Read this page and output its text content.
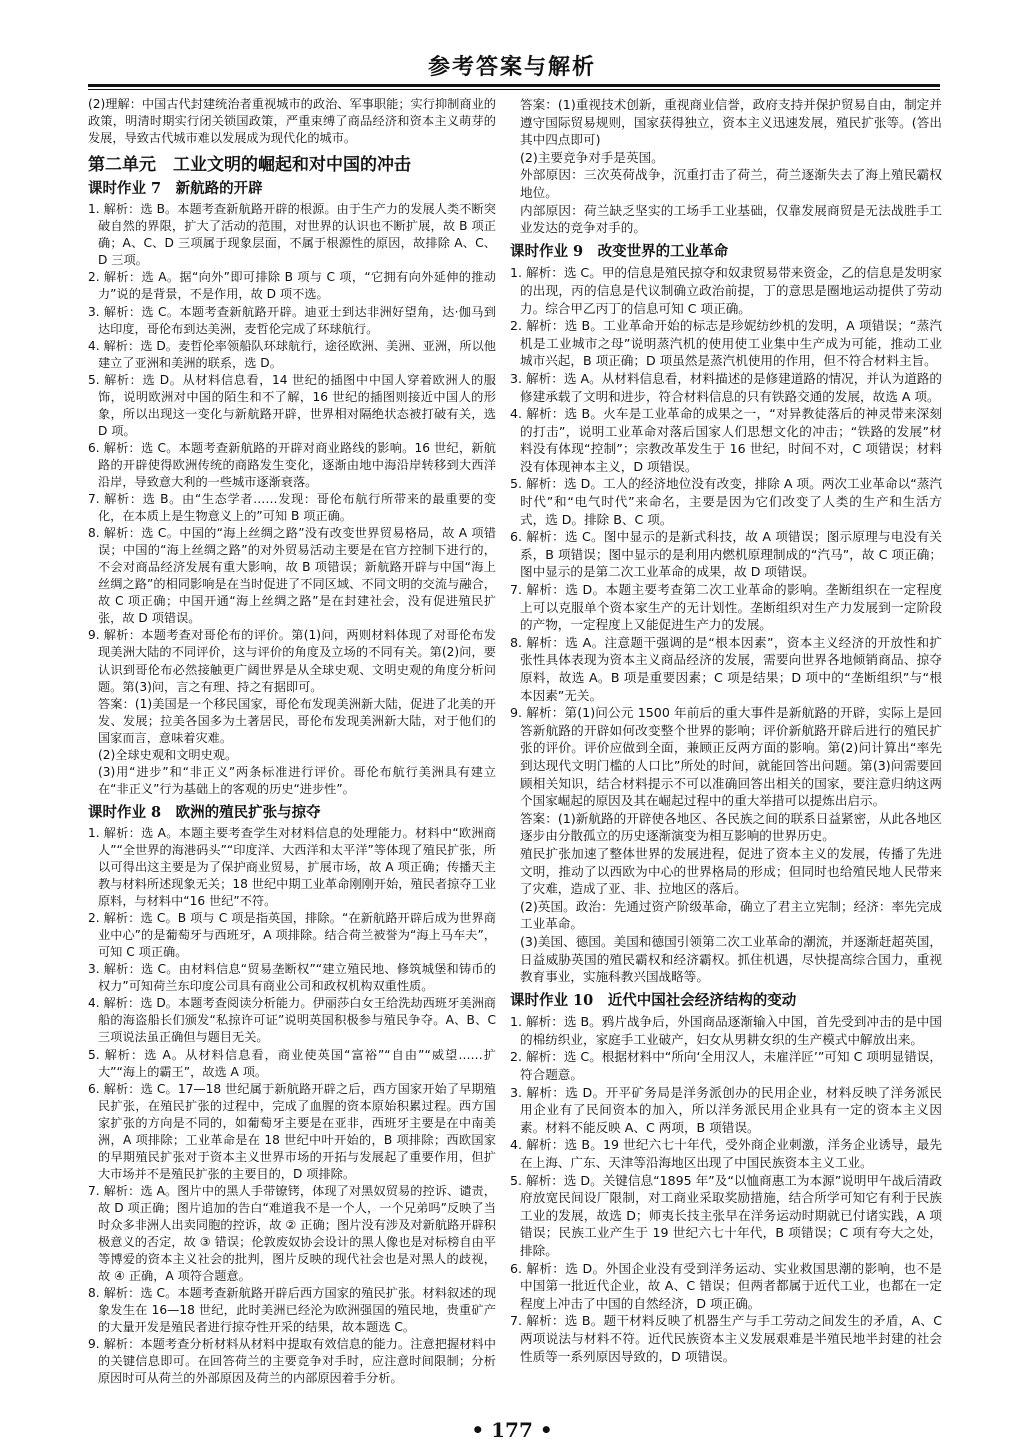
参考答案与解析

(2)理解：中国古代封建统治者重视城市的政治、军事职能；实行抑制商业的政策，明清时期实行闭关锁国政策，严重束缚了商品经济和资本主义萌芽的发展，导致古代城市难以发展成为现代化的城市。

第二单元　工业文明的崛起和对中国的冲击

课时作业 7　新航路的开辟

1. 解析：选 B。本题考查新航路开辟的根源。由于生产力的发展人类不断突破自然的界限，扩大了活动的范围，对世界的认识也不断扩展，故 B 项正确；A、C、D 三项属于现象层面，不属于根源性的原因，故排除 A、C、D 三项。

2. 解析：选 A。据“向外”即可排除 B 项与 C 项，“它拥有向外延伸的推动力”说的是背景，不是作用，故 D 项不选。

3. 解析：选 C。本题考查新航路开辟。迪亚士到达非洲好望角，达·伽马到达印度，哥伦布到达美洲，麦哲伦完成了环球航行。

4. 解析：选 D。麦哲伦率领船队环球航行，途径欧洲、美洲、亚洲，所以他建立了亚洲和美洲的联系，选 D。

5. 解析：选 D。从材料信息看，14 世纪的插图中中国人穿着欧洲人的服饰，说明欧洲对中国的陌生和不了解，16 世纪的插图则接近中国人的形象，所以出现这一变化与新航路开辟，世界相对隔绝状态被打破有关，选 D 项。

6. 解析：选 C。本题考查新航路的开辟对商业路线的影响。16 世纪，新航路的开辟使得欧洲传统的商路发生变化，逐渐由地中海沿岸转移到大西洋沿岸，导致意大利的一些城市逐渐衰落。

7. 解析：选 B。由“生态学者……发现：哥伦布航行所带来的最重要的变化，在本质上是生物意义上的”可知 B 项正确。

8. 解析：选 C。中国的“海上丝绸之路”没有改变世界贸易格局，故 A 项错误；中国的“海上丝绸之路”的对外贸易活动主要是在官方控制下进行的，不会对商品经济发展有重大影响，故 B 项错误；新航路开辟与中国“海上丝绸之路”的相同影响是在当时促进了不同区域、不同文明的交流与融合，故 C 项正确；中国开通“海上丝绸之路”是在封建社会，没有促进殖民扩张，故 D 项错误。

9. 解析：本题考查对哥伦布的评价。第(1)问，两则材料体现了对哥伦布发现美洲大陆的不同评价，这与评价的角度及立场的不同有关。第(2)问，要认识到哥伦布必然接触更广阔世界是从全球史观、文明史观的角度分析问题。第(3)问，言之有理、持之有据即可。

答案：(1)美国是一个移民国家，哥伦布发现美洲新大陆，促进了北美的开发、发展；拉美各国多为土著居民，哥伦布发现美洲新大陆，对于他们的国家而言，意味着灾难。

(2)全球史观和文明史观。

(3)用“进步”和“非正义”两条标准进行评价。哥伦布航行美洲具有建立在“非正义”行为基础上的客观的历史“进步性”。

课时作业 8　欧洲的殖民扩张与掠夺

1. 解析：选 A。本题主要考查学生对材料信息的处理能力。材料中“欧洲商人”“全世界的海港码头”“印度洋、大西洋和太平洋”等体现了殖民扩张，所以可得出这主要是为了保护商业贸易，扩展市场，故 A 项正确；传播天主教与材料所述现象无关；18 世纪中期工业革命刚刚开始，殖民者掠夺工业原料，与材料中“16 世纪”不符。

2. 解析：选 C。B 项与 C 项是指英国，排除。“在新航路开辟后成为世界商业中心”的是葡萄牙与西班牙，A 项排除。结合荷兰被誉为“海上马车夫”，可知 C 项正确。

3. 解析：选 C。由材料信息“贸易垄断权”“建立殖民地、修筑城堡和铸币的权力”可知荷兰东印度公司具有商业公司和政权机构双重性质。

4. 解析：选 D。本题考查阅读分析能力。伊丽莎白女王给洗劫西班牙美洲商船的海盗船长们颁发“私掠许可证”说明英国积极参与殖民争夺。A、B、C 三项说法虽正确但与题目无关。

5. 解析：选 A。从材料信息看，商业使英国“富裕”“自由”“威望……扩大”“海上的霸王”，故选 A 项。

6. 解析：选 C。17—18 世纪属于新航路开辟之后，西方国家开始了早期殖民扩张，在殖民扩张的过程中，完成了血腥的资本原始积累过程。西方国家扩张的方向是不同的，如葡萄牙主要是在亚非，西班牙主要是在中南美洲，A 项排除；工业革命是在 18 世纪中叶开始的，B 项排除；西欧国家的早期殖民扩张对于资本主义世界市场的开拓与发展起了重要作用，但扩大市场并不是殖民扩张的主要目的，D 项排除。

7. 解析：选 A。图片中的黑人手带镣铐，体现了对黑奴贸易的控诉、谴责，故 D 项正确；图片追加的告白“难道我不是一个人，一个兄弟吗”反映了当时众多非洲人出卖同胞的控诉，故 ② 正确；图片没有涉及对新航路开辟积极意义的否定，故 ③ 错误；伦敦废奴协会设计的黑人像也是对标榜自由平等博爱的资本主义社会的批判，图片反映的现代社会也是对黑人的歧视，故 ④ 正确，A 项符合题意。

8. 解析：选 C。本题考查新航路开辟后西方国家的殖民扩张。材料叙述的现象发生在 16—18 世纪，此时美洲已经沦为欧洲强国的殖民地，贵重矿产的大量开发是殖民者进行掠夺性开采的结果，故本题选 C。

9. 解析：本题考查分析材料从材料中提取有效信息的能力。注意把握材料中的关键信息即可。在回答荷兰的主要竞争对手时，应注意时间限制；分析原因时可从荷兰的外部原因及荷兰的内部原因着手分析。

答案：(1)重视技术创新，重视商业信誉，政府支持并保护贸易自由，制定并遵守国际贸易规则，国家获得独立，资本主义迅速发展，殖民扩张等。(答出其中四点即可)

(2)主要竞争对手是英国。

外部原因：三次英荷战争，沉重打击了荷兰，荷兰逐渐失去了海上殖民霸权地位。

内部原因：荷兰缺乏坚实的工场手工业基础，仅靠发展商贸是无法战胜手工业发达的竞争对手的。

课时作业 9　改变世界的工业革命

1. 解析：选 C。甲的信息是殖民掠夺和奴隶贸易带来资金，乙的信息是发明家的出现，丙的信息是代议制确立政治前提，丁的意思是圈地运动提供了劳动力。综合甲乙丙丁的信息可知 C 项正确。

2. 解析：选 B。工业革命开始的标志是珍妮纺纱机的发明，A 项错误；“蒸汽机是工业城市之母”说明蒸汽机的使用使工业集中生产成为可能，推动工业城市兴起，B 项正确；D 项虽然是蒸汽机使用的作用，但不符合材料主旨。

3. 解析：选 A。从材料信息看，材料描述的是修建道路的情况，并认为道路的修建承载了文明和进步，符合材料信息的只有铁路交通的发展，故选 A 项。

4. 解析：选 B。火车是工业革命的成果之一，“对异教徒落后的神灵带来深刻的打击”，说明工业革命对落后国家人们思想文化的冲击；“铁路的发展”材料没有体现“控制”；宗教改革发生于 16 世纪，时间不对，C 项错误；材料没有体现神本主义，D 项错误。

5. 解析：选 D。工人的经济地位没有改变，排除 A 项。两次工业革命以“蒸汽时代”和“电气时代”来命名，主要是因为它们改变了人类的生产和生活方式，选 D。排除 B、C 项。

6. 解析：选 C。图中显示的是新式科技，故 A 项错误；图示原理与电没有关系，B 项错误；图中显示的是利用内燃机原理制成的“汽马”，故 C 项正确；图中显示的是第二次工业革命的成果，故 D 项错误。

7. 解析：选 D。本题主要考查第二次工业革命的影响。垄断组织在一定程度上可以克服单个资本家生产的无计划性。垄断组织对生产力发展到一定阶段的产物，一定程度上又能促进生产力的发展。

8. 解析：选 A。注意题干强调的是“根本因素”，资本主义经济的开放性和扩张性具体表现为资本主义商品经济的发展，需要向世界各地倾销商品、掠夺原料，故选 A。B 项是重要因素；C 项是结果；D 项中的“垄断组织”与“根本因素”无关。

9. 解析：第(1)问公元 1500 年前后的重大事件是新航路的开辟，实际上是回答新航路的开辟如何改变整个世界的影响；评价新航路开辟后进行的殖民扩张的评价。评价应做到全面，兼顾正反两方面的影响。第(2)问计算出“率先到达现代文明门槛的人口比”所处的时间，就能回答出问题。第(3)问需要回顾相关知识，结合材料提示不可以准确回答出相关的国家，要注意归纳这两个国家崛起的原因及其在崛起过程中的重大举措可以提炼出启示。

答案：(1)新航路的开辟使各地区、各民族之间的联系日益紧密，从此各地区逐步由分散孤立的历史逐渐演变为相互影响的世界历史。

殖民扩张加速了整体世界的发展进程，促进了资本主义的发展，传播了先进文明，推动了以西欧为中心的世界格局的形成；但同时也给殖民地人民带来了灾难，造成了亚、非、拉地区的落后。

(2)英国。政治：先通过资产阶级革命，确立了君主立宪制；经济：率先完成工业革命。

(3)美国、德国。美国和德国引领第二次工业革命的潮流，并逐渐赶超英国，日益威胁英国的殖民霸权和经济霸权。抓住机遇，尽快提高综合国力，重视教育事业，实施科教兴国战略等。

课时作业 10　近代中国社会经济结构的变动

1. 解析：选 B。鸦片战争后，外国商品逐渐输入中国，首先受到冲击的是中国的棉纺织业，家庭手工业破产，妇女从男耕女织的生产模式中解放出来。

2. 解析：选 C。根据材料中“所向‘全用汉人，未雇洋匠’”可知 C 项明显错误，符合题意。

3. 解析：选 D。开平矿务局是洋务派创办的民用企业，材料反映了洋务派民用企业有了民间资本的加入，所以洋务派民用企业具有一定的资本主义因素。材料不能反映 A、C 两项，B 项错误。

4. 解析：选 B。19 世纪六七十年代，受外商企业刺激，洋务企业诱导，最先在上海、广东、天津等沿海地区出现了中国民族资本主义工业。

5. 解析：选 D。关键信息“1895 年”及“以恤商惠工为本源”说明甲午战后清政府放宽民间设厂限制，对工商业采取奖励措施，结合所学可知它有利于民族工业的发展，故选 D；师夷长技主张早在洋务运动时期就已付诸实践，A 项错误；民族工业产生于 19 世纪六七十年代，B 项错误；C 项有夸大之处，排除。

6. 解析：选 D。外国企业没有受到洋务运动、实业救国思潮的影响，也不是中国第一批近代企业，故 A、C 错误；但两者都属于近代工业，也都在一定程度上冲击了中国的自然经济，D 项正确。

7. 解析：选 B。题干材料反映了机器生产与手工劳动之间发生的矛盾，A、C 两项说法与材料不符。近代民族资本主义发展艰难是半殖民地半封建的社会性质等一系列原因导致的，D 项错误。

• 177 •
